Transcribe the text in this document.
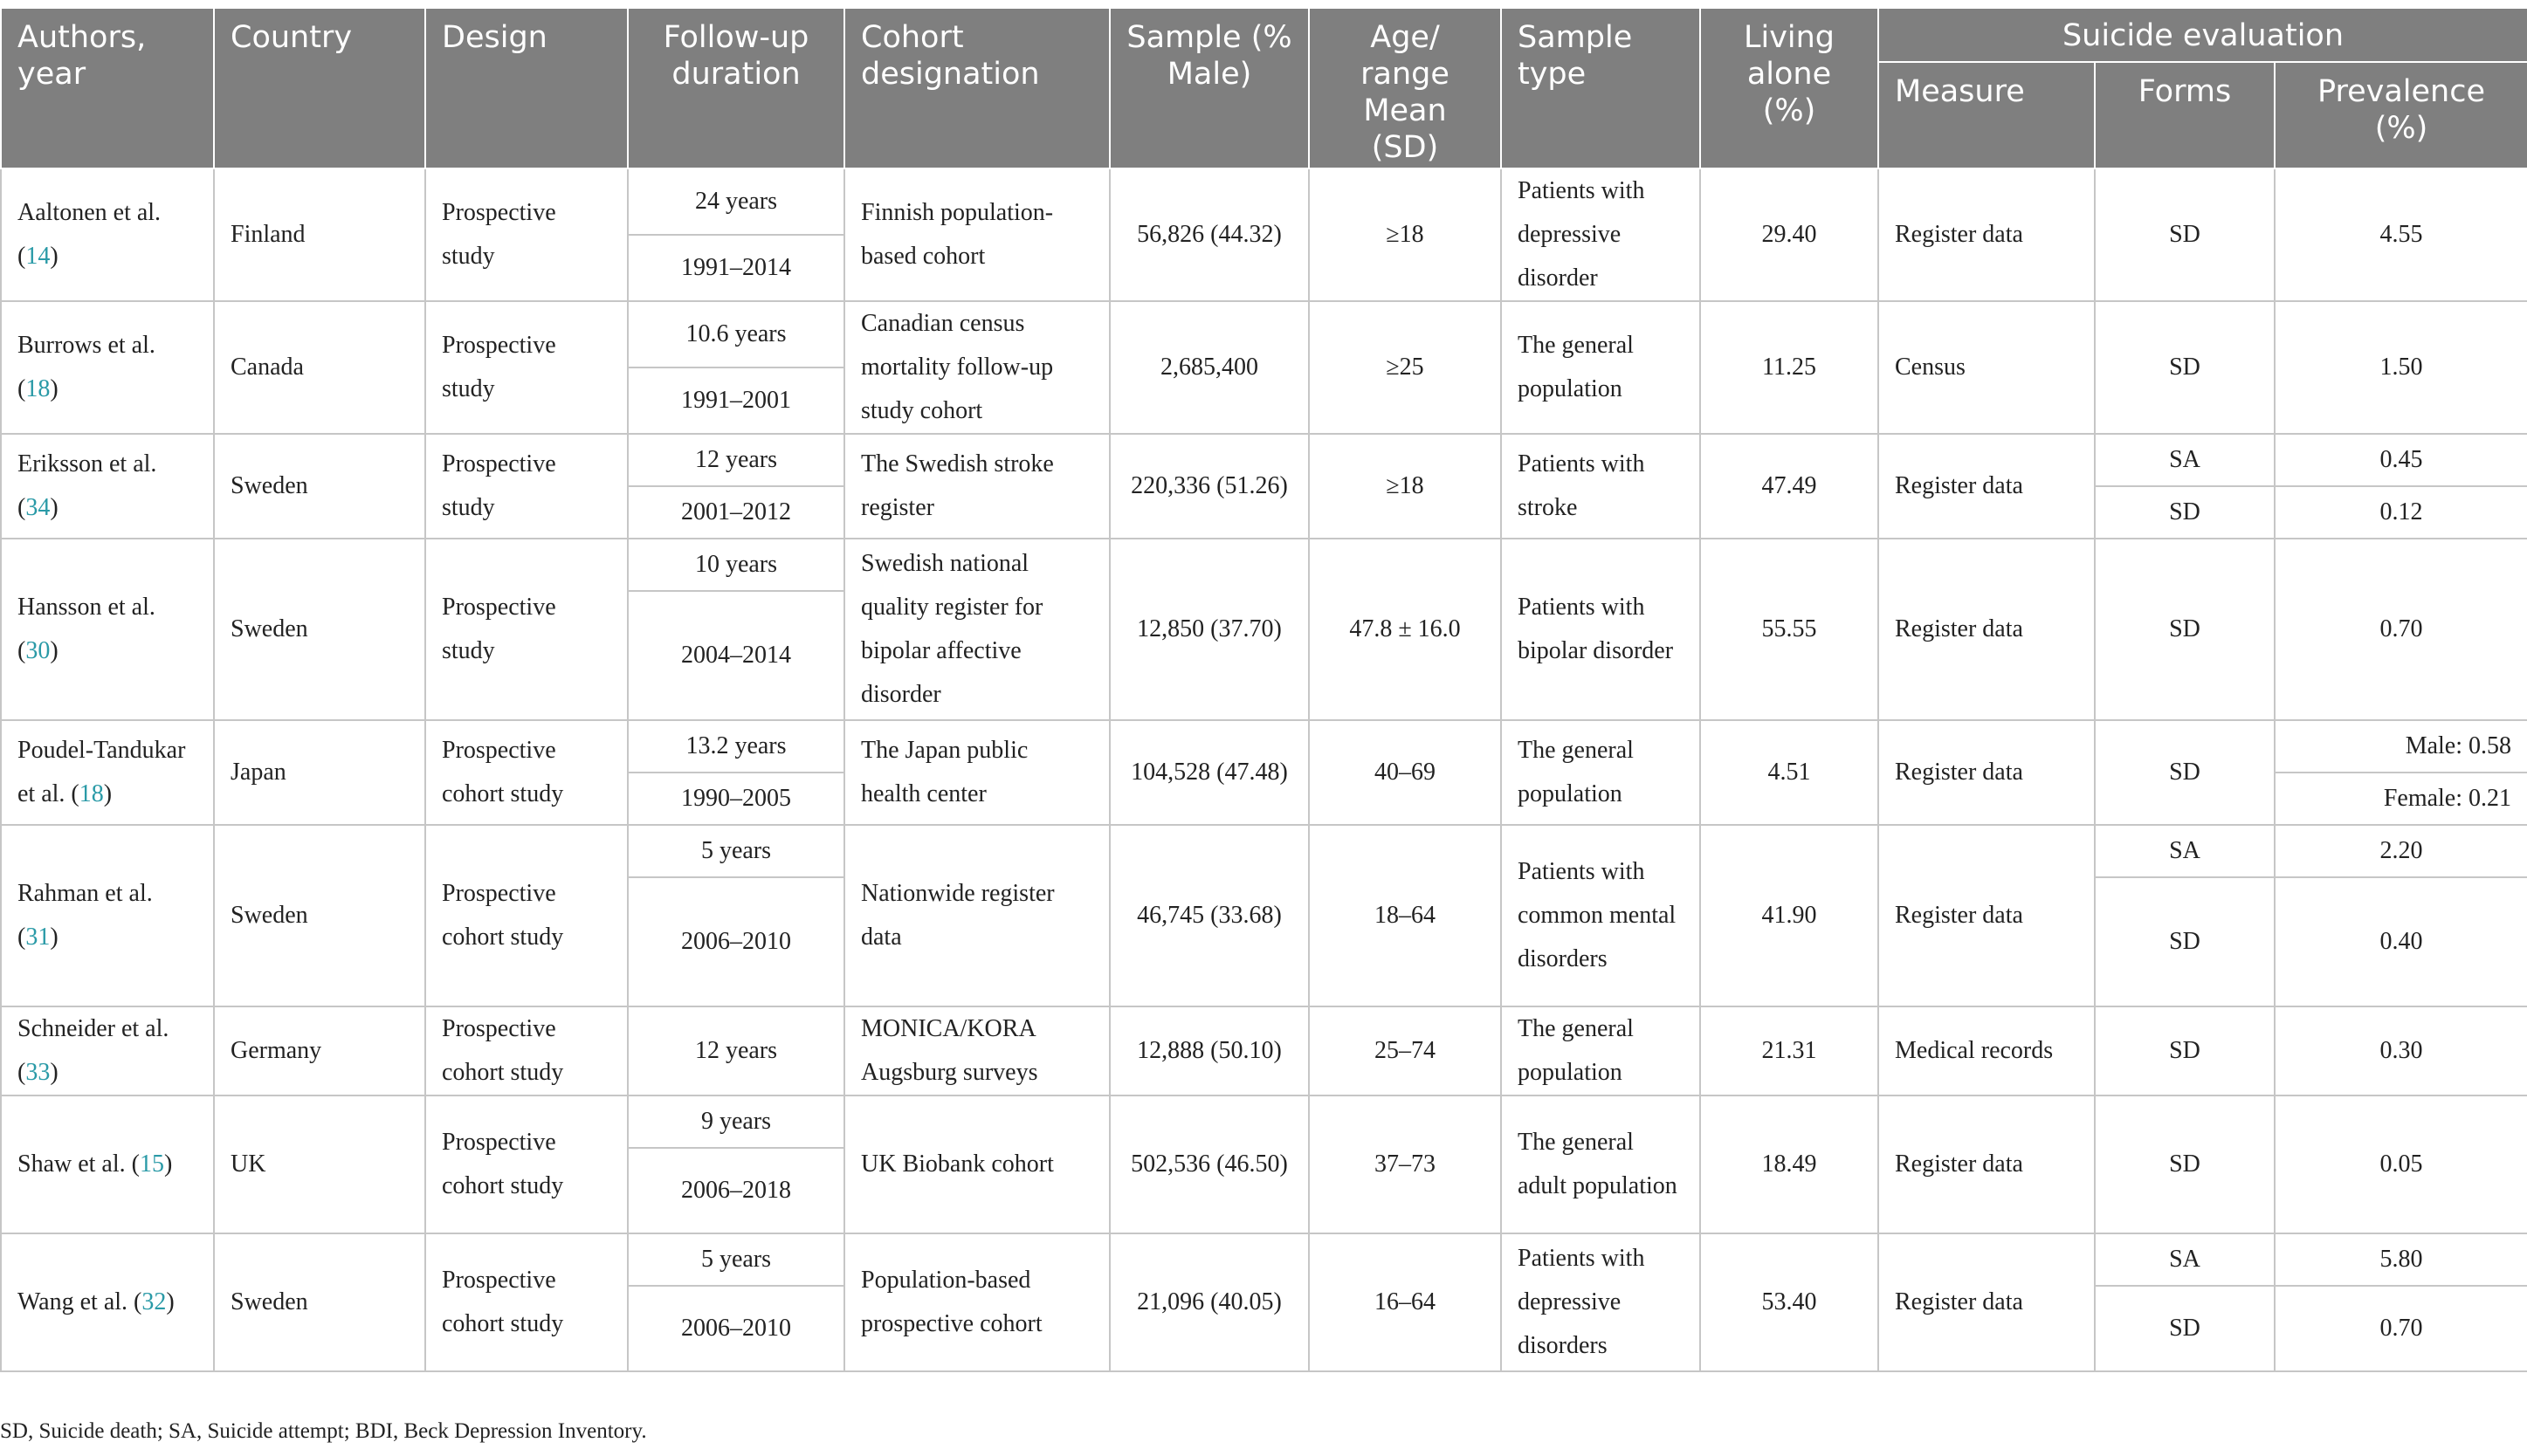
Authors, year	Country	Design	Follow-up duration	Cohort designation	Sample (% Male)	Age/ range Mean (SD)	Sample type	Living alone (%)	Suicide evaluation		
									Measure	Forms	Prevalence (%)
Aaltonen et al. (14)	Finland	Prospective study	24 years	Finnish population-based cohort	56,826 (44.32)	≥18	Patients with depressive disorder	29.40	Register data	SD	4.55
			1991–2014								
Burrows et al. (18)	Canada	Prospective study	10.6 years	Canadian census mortality follow-up study cohort	2,685,400	≥25	The general population	11.25	Census	SD	1.50
			1991–2001								
Eriksson et al. (34)	Sweden	Prospective study	12 years	The Swedish stroke register	220,336 (51.26)	≥18	Patients with stroke	47.49	Register data	SA	0.45
			2001–2012							SD	0.12
Hansson et al. (30)	Sweden	Prospective study	10 years	Swedish national quality register for bipolar affective disorder	12,850 (37.70)	47.8 ± 16.0	Patients with bipolar disorder	55.55	Register data	SD	0.70
			2004–2014								
Poudel-Tandukar et al. (18)	Japan	Prospective cohort study	13.2 years	The Japan public health center	104,528 (47.48)	40–69	The general population	4.51	Register data	SD	Male: 0.58
			1990–2005								Female: 0.21
Rahman et al. (31)	Sweden	Prospective cohort study	5 years	Nationwide register data	46,745 (33.68)	18–64	Patients with common mental disorders	41.90	Register data	SA	2.20
			2006–2010							SD	0.40
Schneider et al. (33)	Germany	Prospective cohort study	12 years	MONICA/KORA Augsburg surveys	12,888 (50.10)	25–74	The general population	21.31	Medical records	SD	0.30
Shaw et al. (15)	UK	Prospective cohort study	9 years	UK Biobank cohort	502,536 (46.50)	37–73	The general adult population	18.49	Register data	SD	0.05
			2006–2018								
Wang et al. (32)	Sweden	Prospective cohort study	5 years	Population-based prospective cohort	21,096 (40.05)	16–64	Patients with depressive disorders	53.40	Register data	SA	5.80
			2006–2010							SD	0.70
SD, Suicide death; SA, Suicide attempt; BDI, Beck Depression Inventory.
